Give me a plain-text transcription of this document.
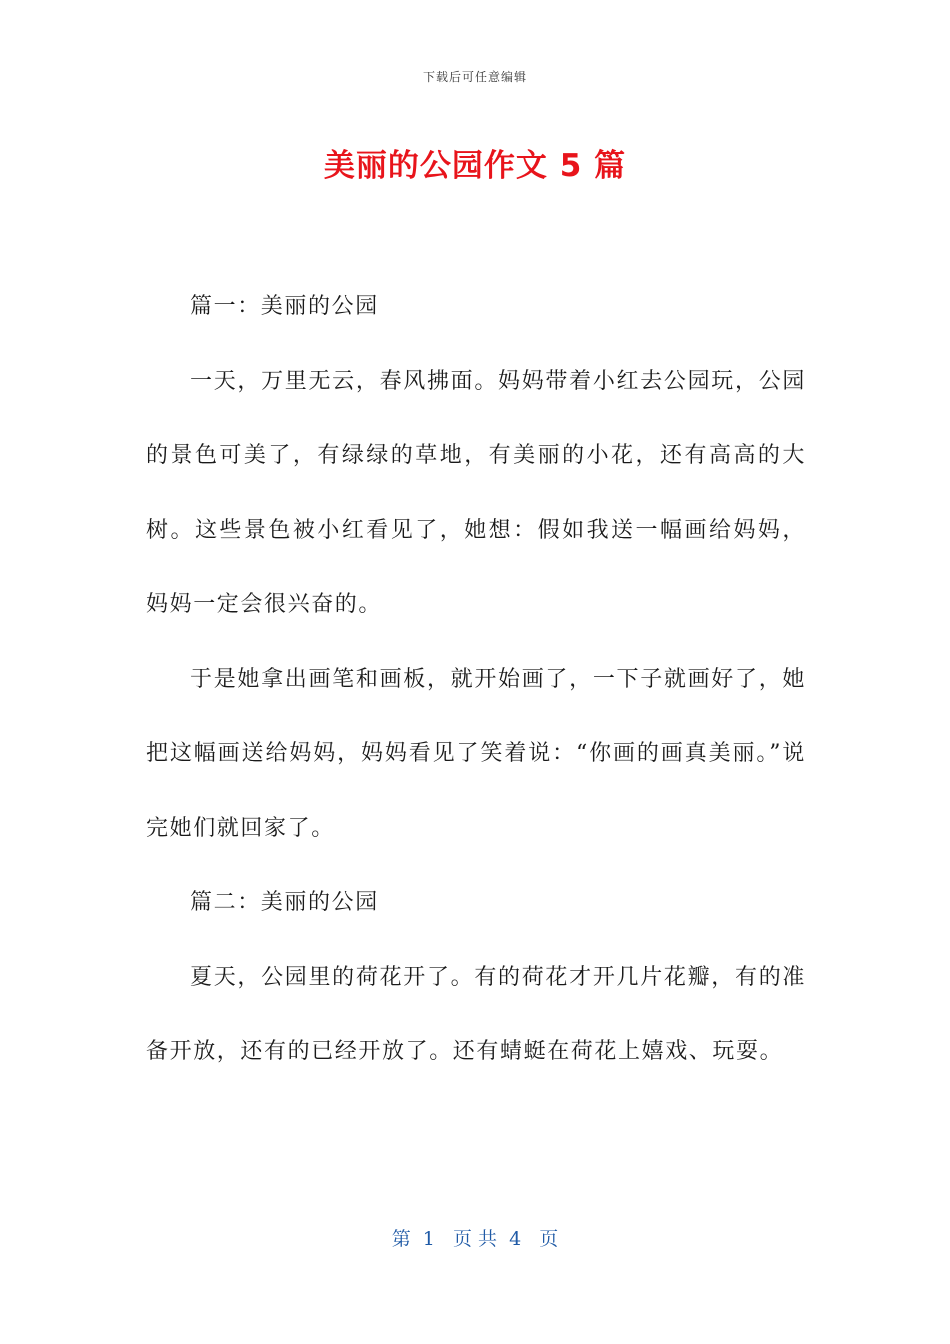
下载后可任意编辑
美丽的公园作文 5 篇

篇一：美丽的公园

一天，万里无云，春风拂面。妈妈带着小红去公园玩，公园的景色可美了，有绿绿的草地，有美丽的小花，还有高高的大树。这些景色被小红看见了，她想：假如我送一幅画给妈妈，妈妈一定会很兴奋的。

于是她拿出画笔和画板，就开始画了，一下子就画好了，她把这幅画送给妈妈，妈妈看见了笑着说：“你画的画真美丽。”说完她们就回家了。

篇二：美丽的公园

夏天，公园里的荷花开了。有的荷花才开几片花瓣，有的准备开放，还有的已经开放了。还有蜻蜓在荷花上嬉戏、玩耍。

第  1   页 共  4   页
